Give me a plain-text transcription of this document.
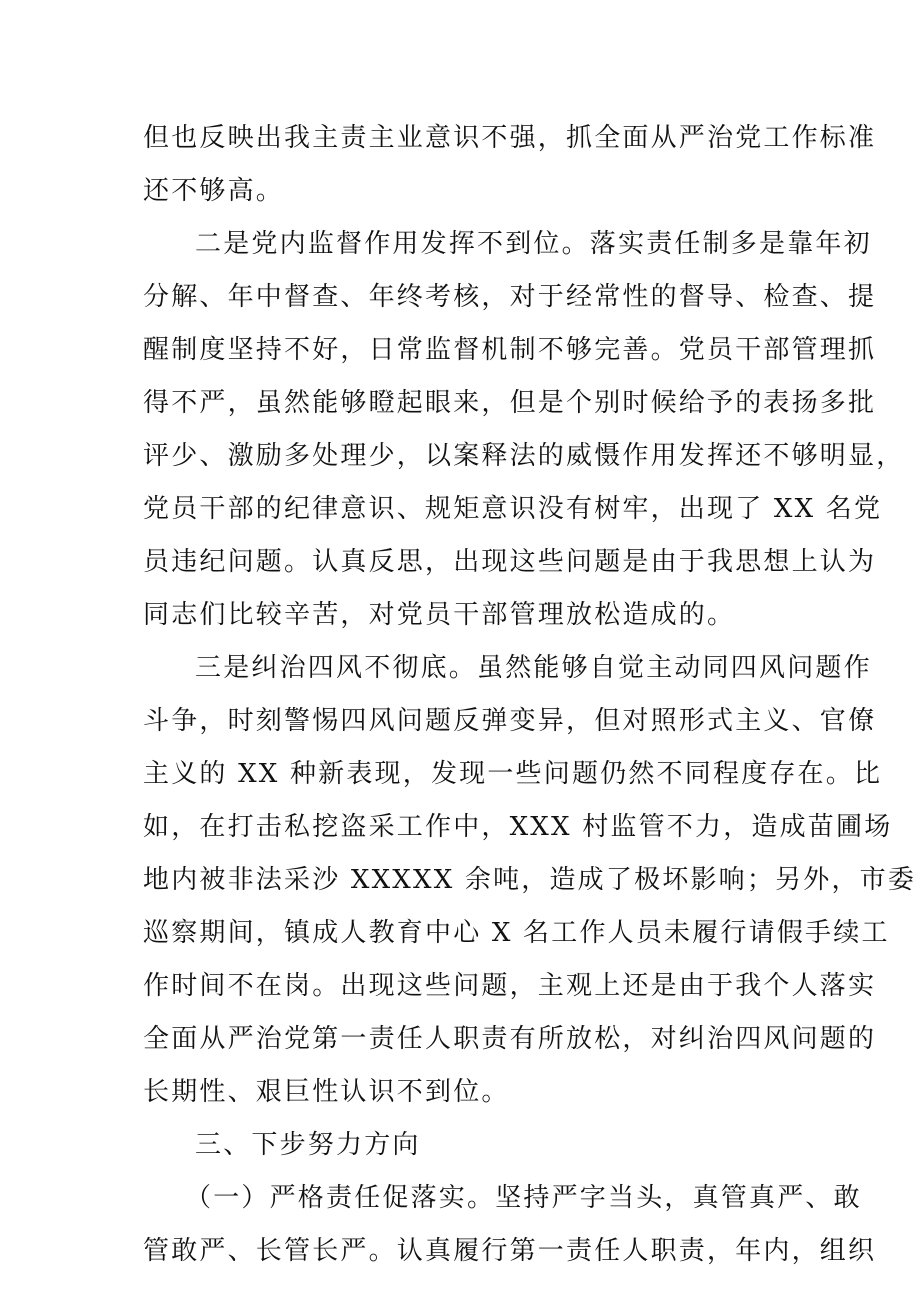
但也反映出我主责主业意识不强，抓全面从严治党工作标准
还不够高。
二是党内监督作用发挥不到位。落实责任制多是靠年初
分解、年中督查、年终考核，对于经常性的督导、检查、提
醒制度坚持不好，日常监督机制不够完善。党员干部管理抓
得不严，虽然能够瞪起眼来，但是个别时候给予的表扬多批
评少、激励多处理少，以案释法的威慑作用发挥还不够明显，
党员干部的纪律意识、规矩意识没有树牢，出现了 XX 名党
员违纪问题。认真反思，出现这些问题是由于我思想上认为
同志们比较辛苦，对党员干部管理放松造成的。
三是纠治四风不彻底。虽然能够自觉主动同四风问题作
斗争，时刻警惕四风问题反弹变异，但对照形式主义、官僚
主义的 XX 种新表现，发现一些问题仍然不同程度存在。比
如，在打击私挖盗采工作中，XXX 村监管不力，造成苗圃场
地内被非法采沙 XXXXX 余吨，造成了极坏影响；另外，市委
巡察期间，镇成人教育中心 X 名工作人员未履行请假手续工
作时间不在岗。出现这些问题，主观上还是由于我个人落实
全面从严治党第一责任人职责有所放松，对纠治四风问题的
长期性、艰巨性认识不到位。
三、下步努力方向
（一）严格责任促落实。坚持严字当头，真管真严、敢
管敢严、长管长严。认真履行第一责任人职责，年内，组织
